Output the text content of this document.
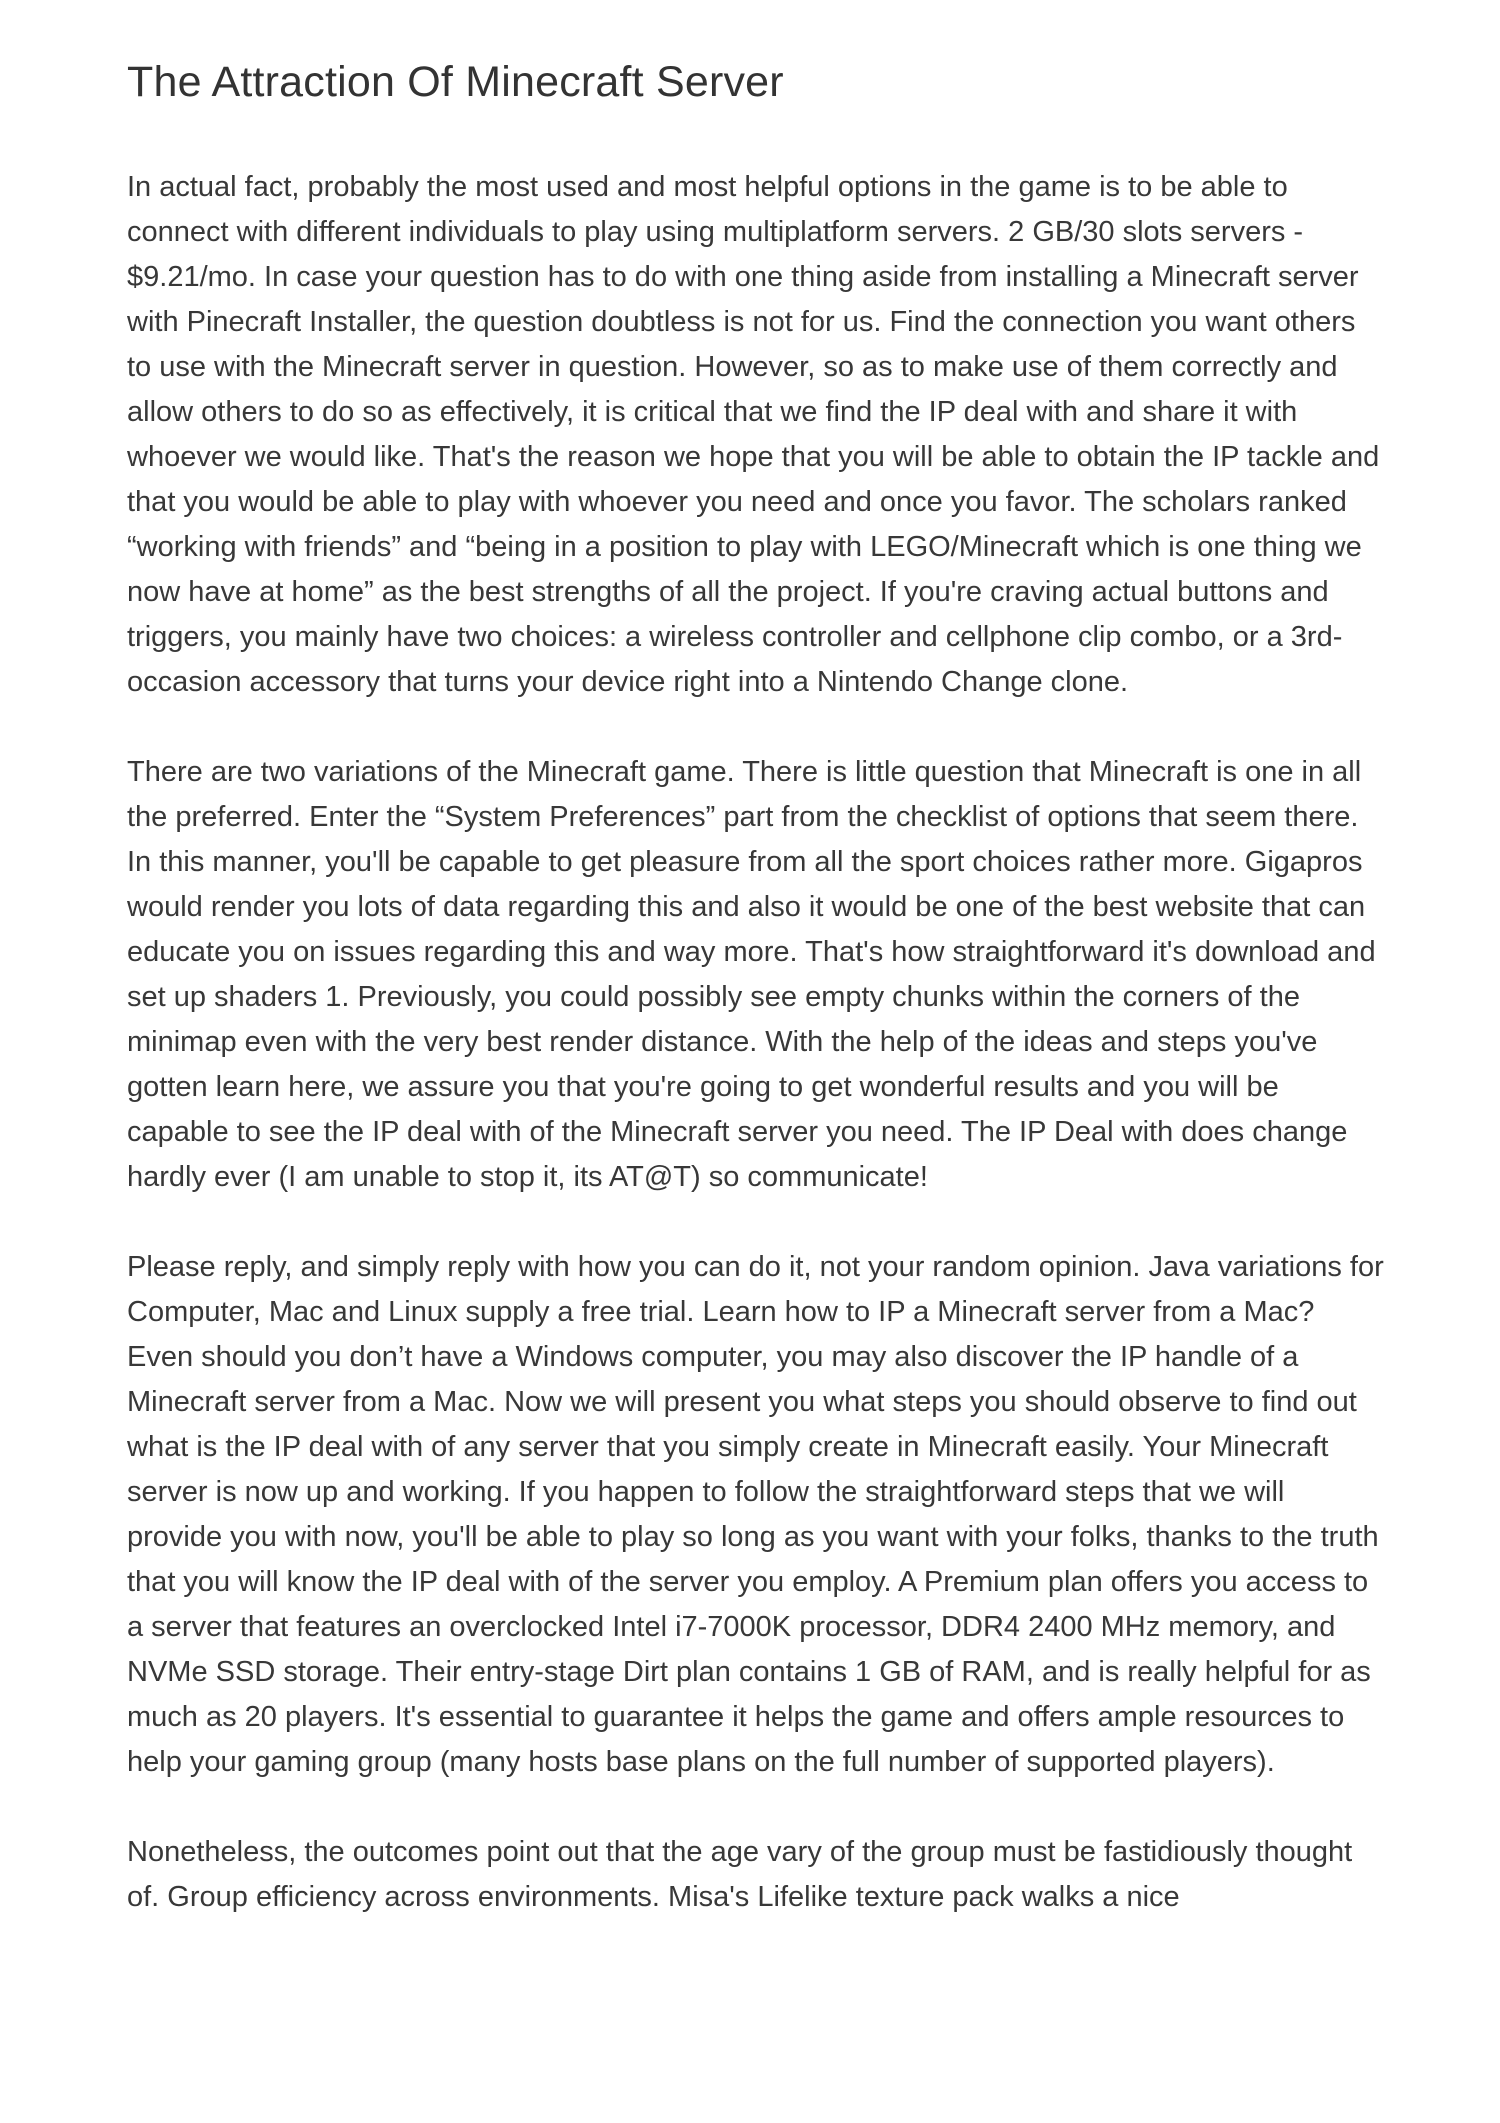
The Attraction Of Minecraft Server

In actual fact, probably the most used and most helpful options in the game is to be able to connect with different individuals to play using multiplatform servers. 2 GB/30 slots servers - $9.21/mo. In case your question has to do with one thing aside from installing a Minecraft server with Pinecraft Installer, the question doubtless is not for us. Find the connection you want others to use with the Minecraft server in question. However, so as to make use of them correctly and allow others to do so as effectively, it is critical that we find the IP deal with and share it with whoever we would like. That's the reason we hope that you will be able to obtain the IP tackle and that you would be able to play with whoever you need and once you favor. The scholars ranked “working with friends” and “being in a position to play with LEGO/Minecraft which is one thing we now have at home” as the best strengths of all the project. If you're craving actual buttons and triggers, you mainly have two choices: a wireless controller and cellphone clip combo, or a 3rd-occasion accessory that turns your device right into a Nintendo Change clone.

There are two variations of the Minecraft game. There is little question that Minecraft is one in all the preferred. Enter the “System Preferences” part from the checklist of options that seem there. In this manner, you'll be capable to get pleasure from all the sport choices rather more. Gigapros would render you lots of data regarding this and also it would be one of the best website that can educate you on issues regarding this and way more. That's how straightforward it's download and set up shaders 1. Previously, you could possibly see empty chunks within the corners of the minimap even with the very best render distance. With the help of the ideas and steps you've gotten learn here, we assure you that you're going to get wonderful results and you will be capable to see the IP deal with of the Minecraft server you need. The IP Deal with does change hardly ever (I am unable to stop it, its AT@T) so communicate!

Please reply, and simply reply with how you can do it, not your random opinion. Java variations for Computer, Mac and Linux supply a free trial. Learn how to IP a Minecraft server from a Mac? Even should you don’t have a Windows computer, you may also discover the IP handle of a Minecraft server from a Mac. Now we will present you what steps you should observe to find out what is the IP deal with of any server that you simply create in Minecraft easily. Your Minecraft server is now up and working. If you happen to follow the straightforward steps that we will provide you with now, you'll be able to play so long as you want with your folks, thanks to the truth that you will know the IP deal with of the server you employ. A Premium plan offers you access to a server that features an overclocked Intel i7-7000K processor, DDR4 2400 MHz memory, and NVMe SSD storage. Their entry-stage Dirt plan contains 1 GB of RAM, and is really helpful for as much as 20 players. It's essential to guarantee it helps the game and offers ample resources to help your gaming group (many hosts base plans on the full number of supported players).

Nonetheless, the outcomes point out that the age vary of the group must be fastidiously thought of. Group efficiency across environments. Misa's Lifelike texture pack walks a nice
